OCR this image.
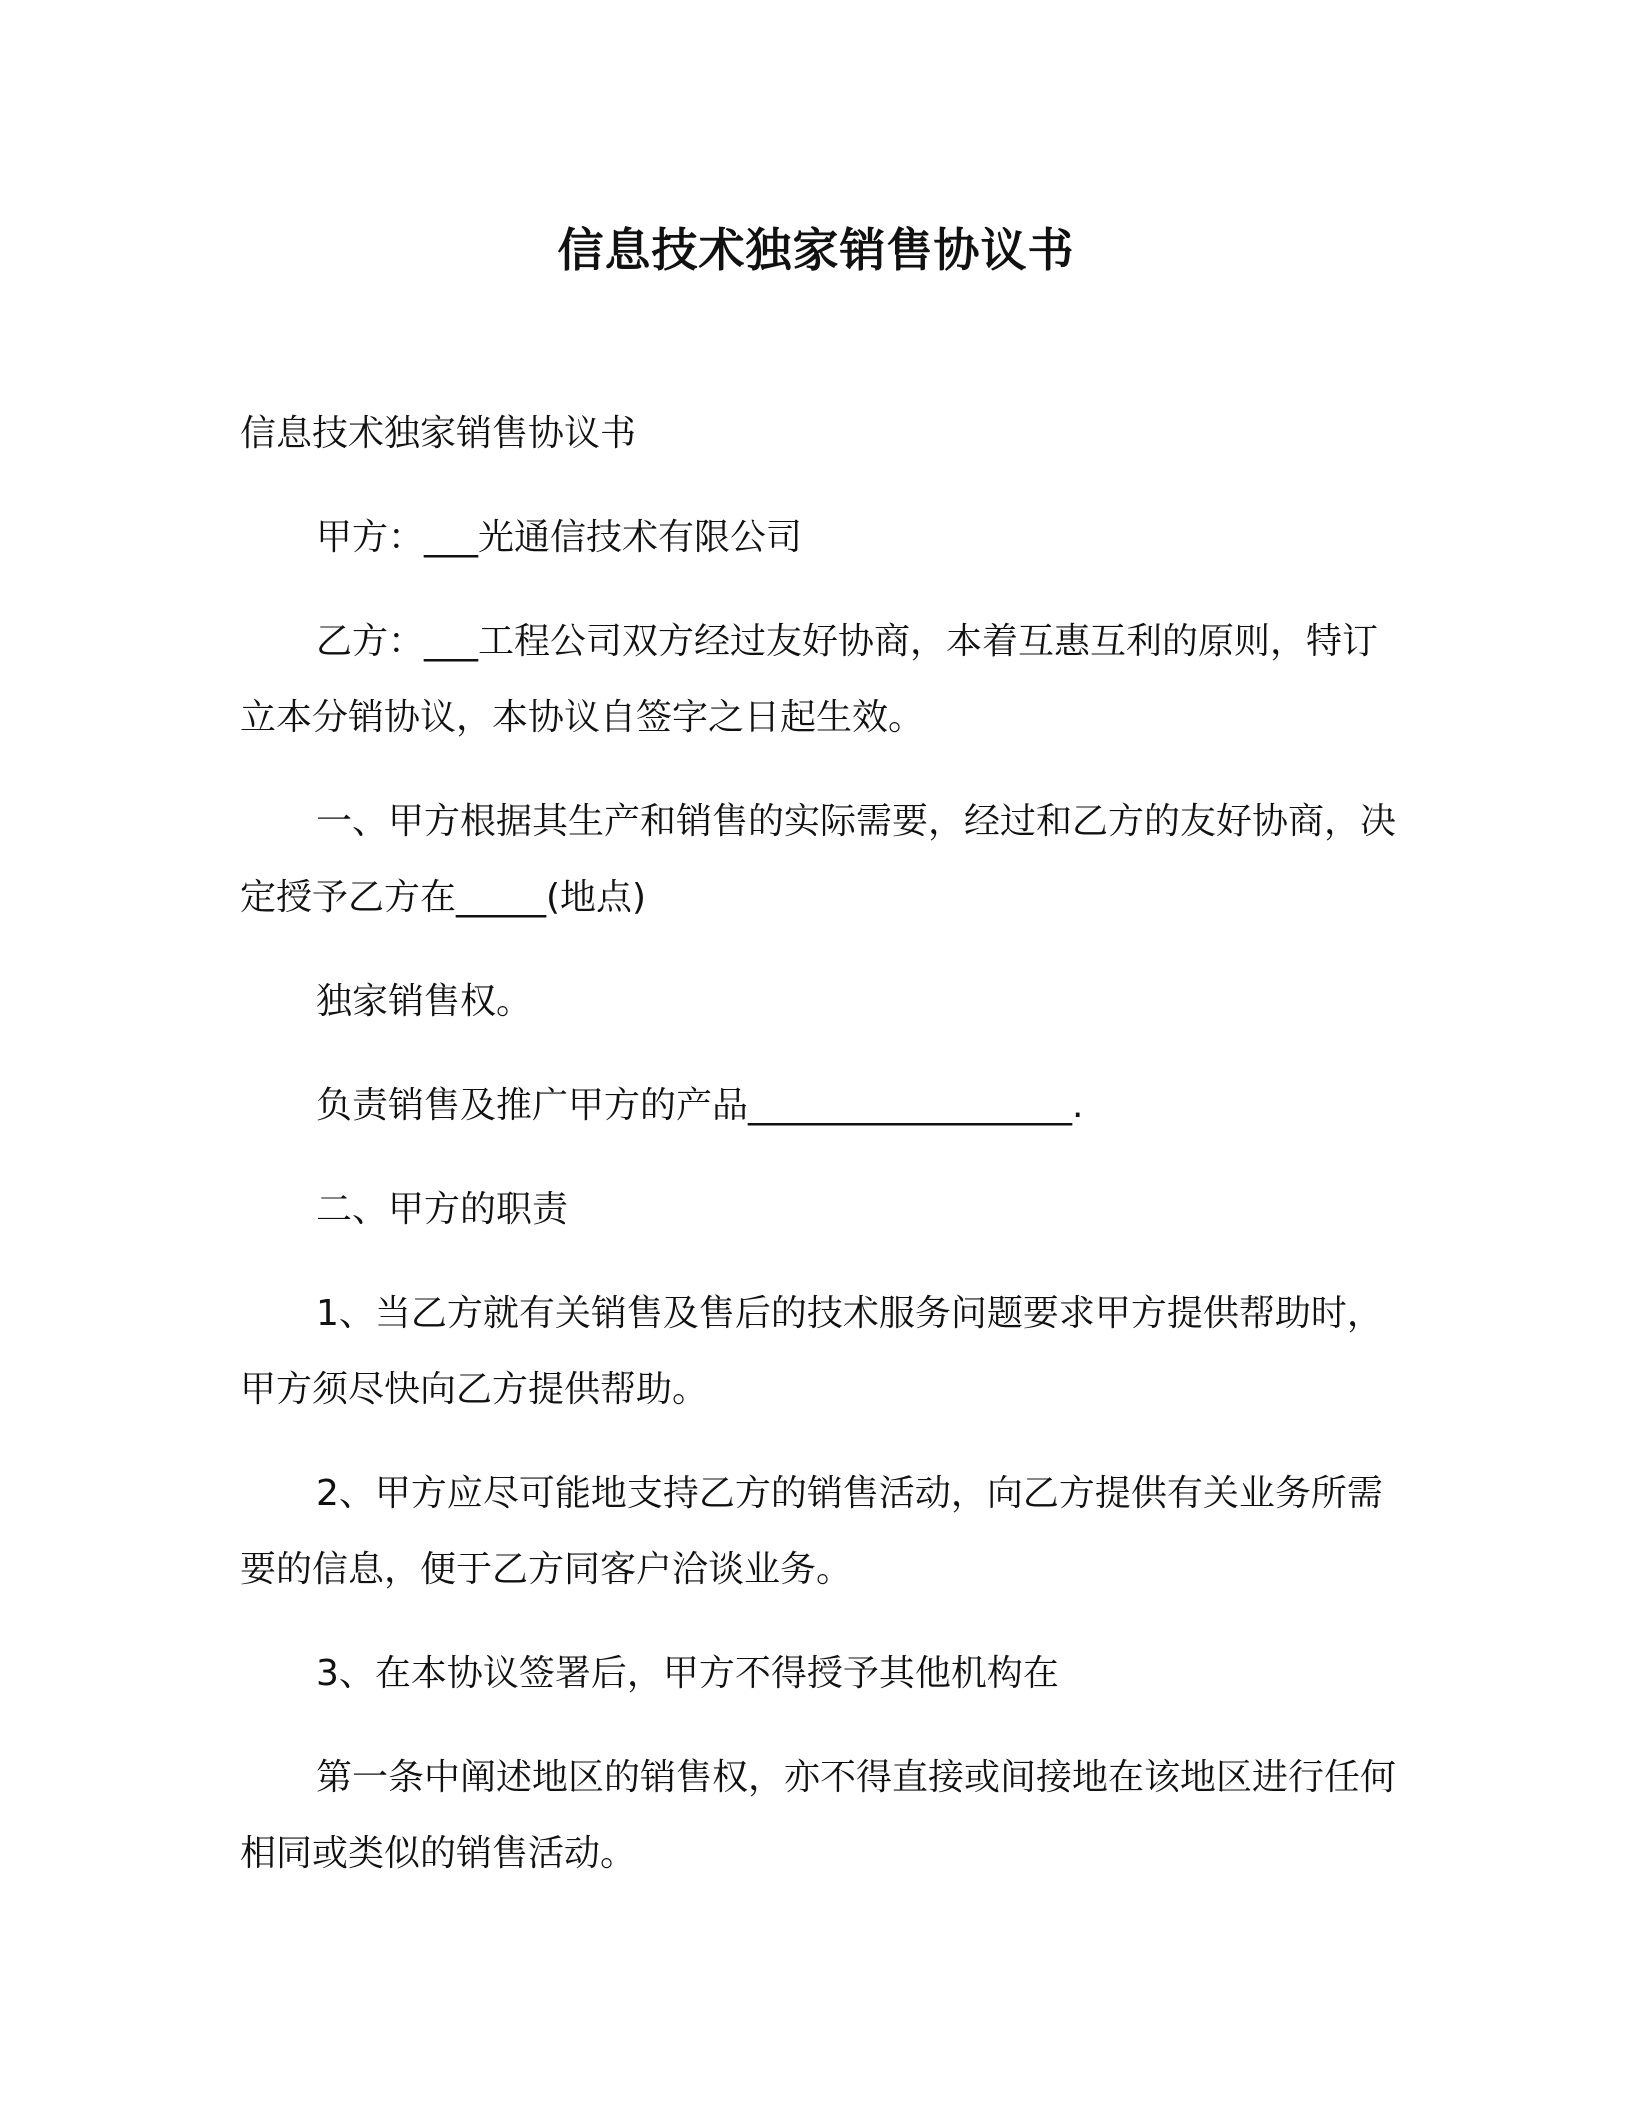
信息技术独家销售协议书

信息技术独家销售协议书

甲方：___光通信技术有限公司

乙方：___工程公司双方经过友好协商，本着互惠互利的原则，特订立本分销协议，本协议自签字之日起生效。

一、甲方根据其生产和销售的实际需要，经过和乙方的友好协商，决定授予乙方在_____(地点)

独家销售权。

负责销售及推广甲方的产品__________________.

二、甲方的职责

1、当乙方就有关销售及售后的技术服务问题要求甲方提供帮助时，甲方须尽快向乙方提供帮助。

2、甲方应尽可能地支持乙方的销售活动，向乙方提供有关业务所需要的信息，便于乙方同客户洽谈业务。

3、在本协议签署后，甲方不得授予其他机构在

第一条中阐述地区的销售权，亦不得直接或间接地在该地区进行任何相同或类似的销售活动。
